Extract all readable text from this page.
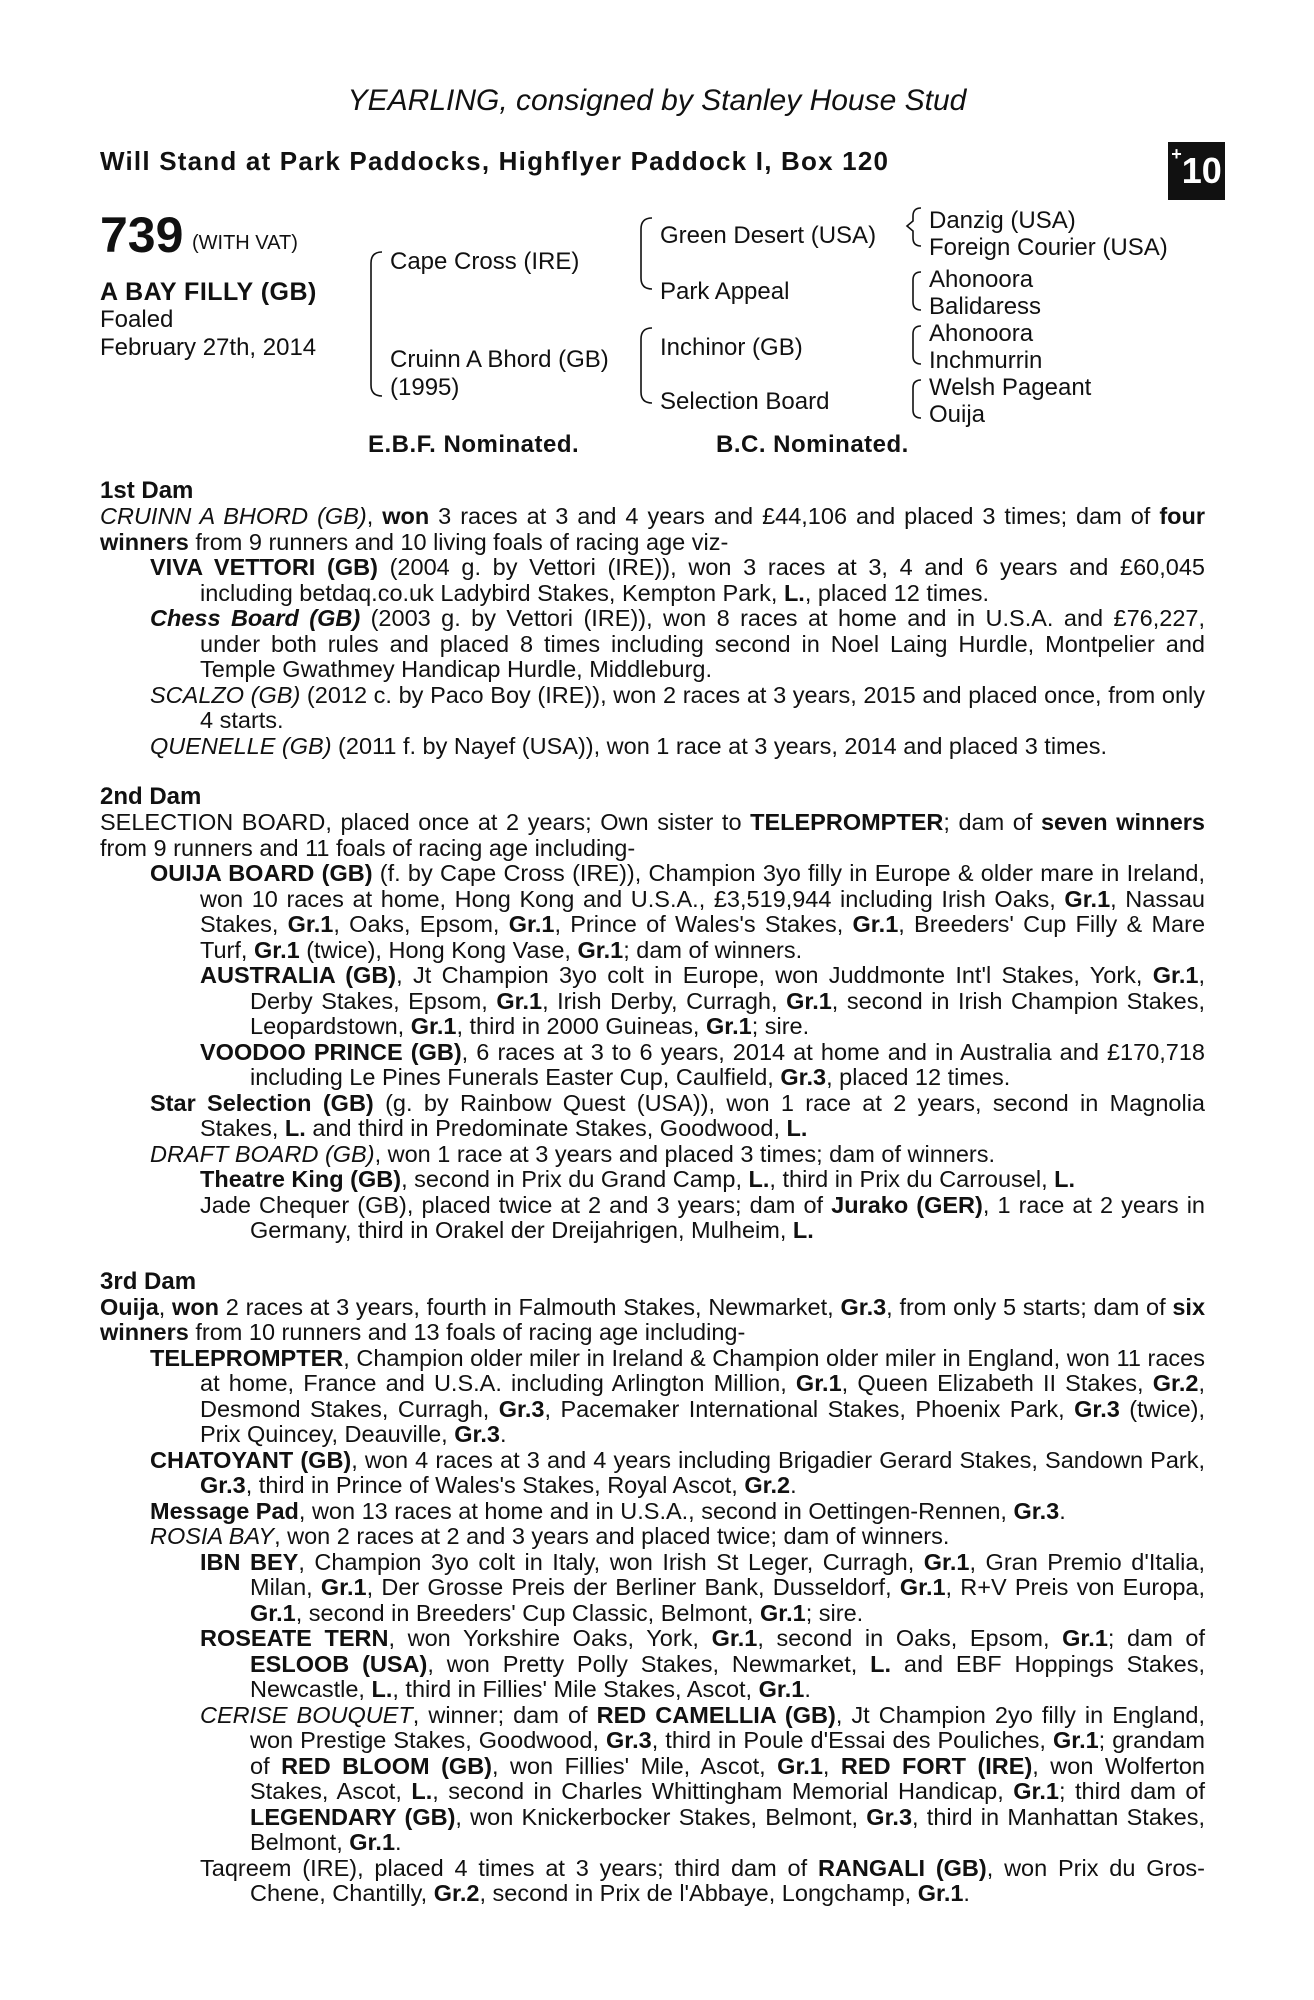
YEARLING, consigned by Stanley House Stud
Will Stand at Park Paddocks, Highflyer Paddock I, Box 120	+10
739 (WITH VAT)
A BAY FILLY (GB)
Foaled
February 27th, 2014
Cape Cross (IRE)
Cruinn A Bhord (GB)
(1995)
Green Desert (USA)
Park Appeal
Inchinor (GB)
Selection Board
Danzig (USA)
Foreign Courier (USA)
Ahonoora
Balidaress
Ahonoora
Inchmurrin
Welsh Pageant
Ouija
E.B.F. Nominated.	B.C. Nominated.
1st Dam

CRUINN A BHORD (GB), won 3 races at 3 and 4 years and £44,106 and placed 3 times; dam of four winners from 9 runners and 10 living foals of racing age viz-

VIVA VETTORI (GB) (2004 g. by Vettori (IRE)), won 3 races at 3, 4 and 6 years and £60,045 including betdaq.co.uk Ladybird Stakes, Kempton Park, L., placed 12 times.

Chess Board (GB) (2003 g. by Vettori (IRE)), won 8 races at home and in U.S.A. and £76,227, under both rules and placed 8 times including second in Noel Laing Hurdle, Montpelier and Temple Gwathmey Handicap Hurdle, Middleburg.

SCALZO (GB) (2012 c. by Paco Boy (IRE)), won 2 races at 3 years, 2015 and placed once, from only 4 starts.

QUENELLE (GB) (2011 f. by Nayef (USA)), won 1 race at 3 years, 2014 and placed 3 times.

2nd Dam

SELECTION BOARD, placed once at 2 years; Own sister to TELEPROMPTER; dam of seven winners from 9 runners and 11 foals of racing age including-

OUIJA BOARD (GB) (f. by Cape Cross (IRE)), Champion 3yo filly in Europe & older mare in Ireland, won 10 races at home, Hong Kong and U.S.A., £3,519,944 including Irish Oaks, Gr.1, Nassau Stakes, Gr.1, Oaks, Epsom, Gr.1, Prince of Wales's Stakes, Gr.1, Breeders' Cup Filly & Mare Turf, Gr.1 (twice), Hong Kong Vase, Gr.1; dam of winners.

AUSTRALIA (GB), Jt Champion 3yo colt in Europe, won Juddmonte Int'l Stakes, York, Gr.1, Derby Stakes, Epsom, Gr.1, Irish Derby, Curragh, Gr.1, second in Irish Champion Stakes, Leopardstown, Gr.1, third in 2000 Guineas, Gr.1; sire.

VOODOO PRINCE (GB), 6 races at 3 to 6 years, 2014 at home and in Australia and £170,718 including Le Pines Funerals Easter Cup, Caulfield, Gr.3, placed 12 times.

Star Selection (GB) (g. by Rainbow Quest (USA)), won 1 race at 2 years, second in Magnolia Stakes, L. and third in Predominate Stakes, Goodwood, L.

DRAFT BOARD (GB), won 1 race at 3 years and placed 3 times; dam of winners.

Theatre King (GB), second in Prix du Grand Camp, L., third in Prix du Carrousel, L.

Jade Chequer (GB), placed twice at 2 and 3 years; dam of Jurako (GER), 1 race at 2 years in Germany, third in Orakel der Dreijahrigen, Mulheim, L.

3rd Dam

Ouija, won 2 races at 3 years, fourth in Falmouth Stakes, Newmarket, Gr.3, from only 5 starts; dam of six winners from 10 runners and 13 foals of racing age including-

TELEPROMPTER, Champion older miler in Ireland & Champion older miler in England, won 11 races at home, France and U.S.A. including Arlington Million, Gr.1, Queen Elizabeth II Stakes, Gr.2, Desmond Stakes, Curragh, Gr.3, Pacemaker International Stakes, Phoenix Park, Gr.3 (twice), Prix Quincey, Deauville, Gr.3.

CHATOYANT (GB), won 4 races at 3 and 4 years including Brigadier Gerard Stakes, Sandown Park, Gr.3, third in Prince of Wales's Stakes, Royal Ascot, Gr.2.

Message Pad, won 13 races at home and in U.S.A., second in Oettingen-Rennen, Gr.3.

ROSIA BAY, won 2 races at 2 and 3 years and placed twice; dam of winners.

IBN BEY, Champion 3yo colt in Italy, won Irish St Leger, Curragh, Gr.1, Gran Premio d'Italia, Milan, Gr.1, Der Grosse Preis der Berliner Bank, Dusseldorf, Gr.1, R+V Preis von Europa, Gr.1, second in Breeders' Cup Classic, Belmont, Gr.1; sire.

ROSEATE TERN, won Yorkshire Oaks, York, Gr.1, second in Oaks, Epsom, Gr.1; dam of ESLOOB (USA), won Pretty Polly Stakes, Newmarket, L. and EBF Hoppings Stakes, Newcastle, L., third in Fillies' Mile Stakes, Ascot, Gr.1.

CERISE BOUQUET, winner; dam of RED CAMELLIA (GB), Jt Champion 2yo filly in England, won Prestige Stakes, Goodwood, Gr.3, third in Poule d'Essai des Pouliches, Gr.1; grandam of RED BLOOM (GB), won Fillies' Mile, Ascot, Gr.1, RED FORT (IRE), won Wolferton Stakes, Ascot, L., second in Charles Whittingham Memorial Handicap, Gr.1; third dam of LEGENDARY (GB), won Knickerbocker Stakes, Belmont, Gr.3, third in Manhattan Stakes, Belmont, Gr.1.

Taqreem (IRE), placed 4 times at 3 years; third dam of RANGALI (GB), won Prix du Gros-Chene, Chantilly, Gr.2, second in Prix de l'Abbaye, Longchamp, Gr.1.
